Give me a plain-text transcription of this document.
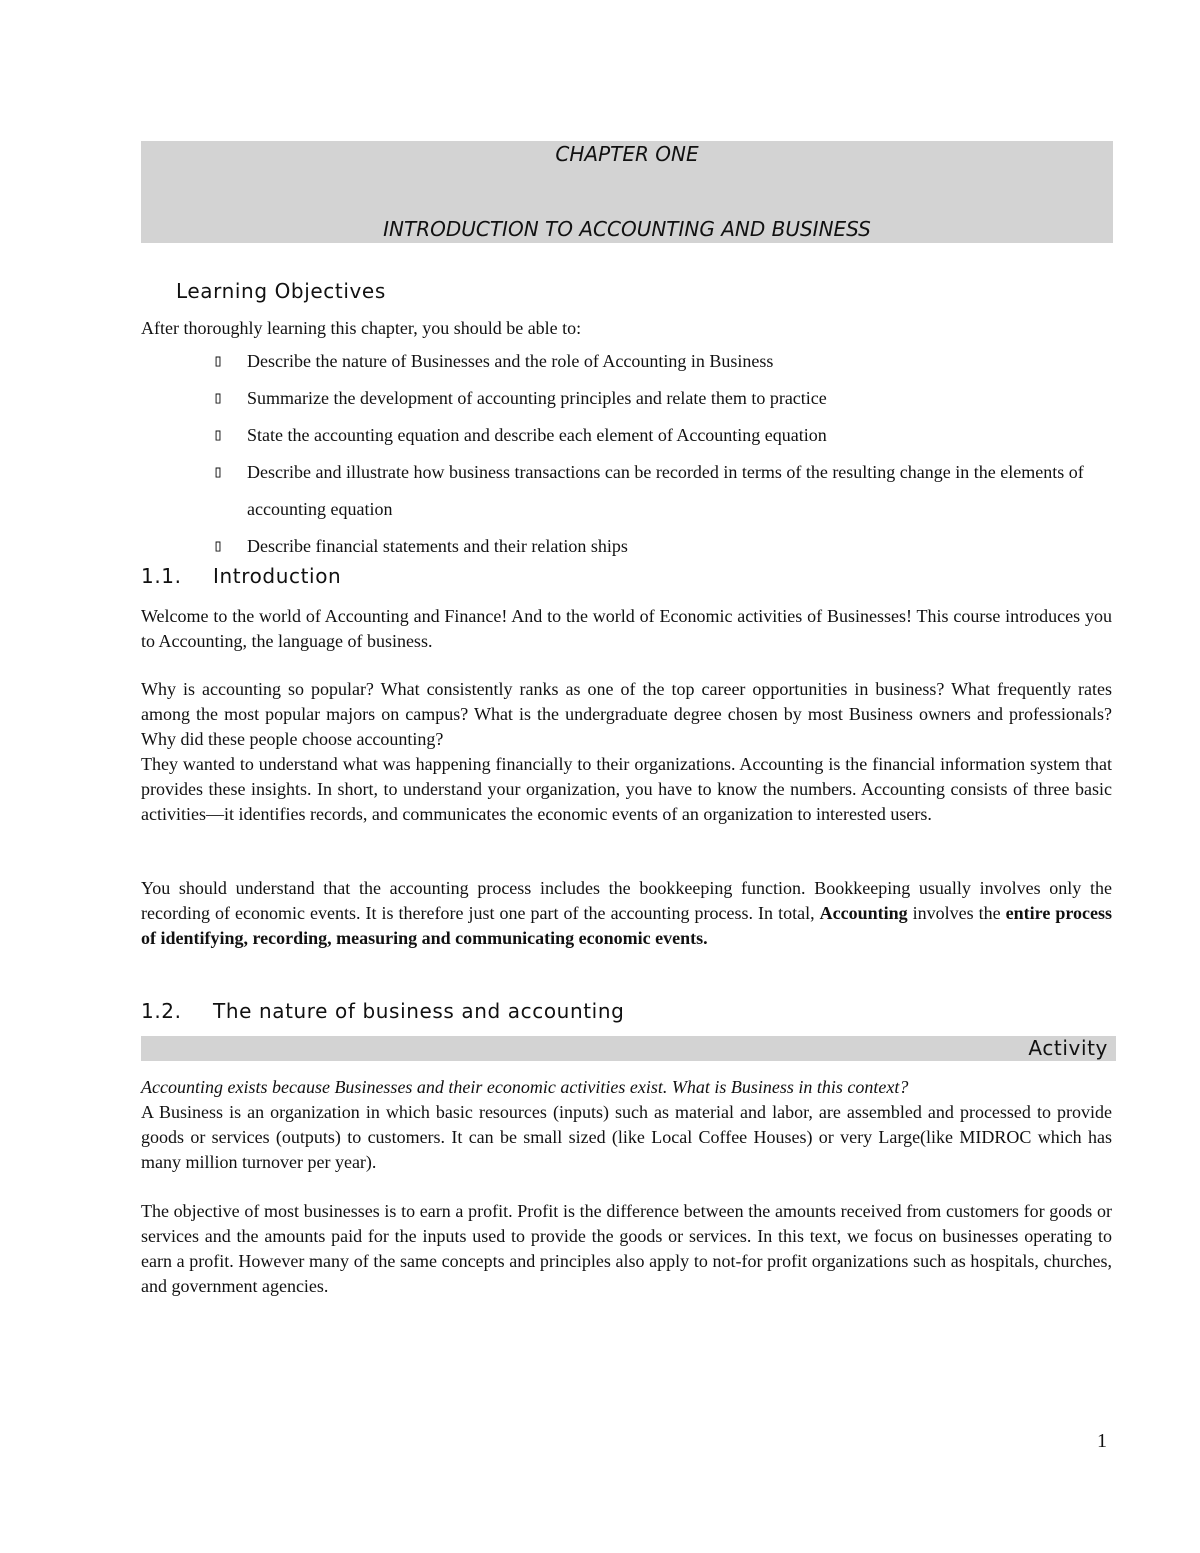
CHAPTER ONE
INTRODUCTION TO ACCOUNTING AND BUSINESS
Learning Objectives
After thoroughly learning this chapter, you should be able to:
▯ Describe the nature of Businesses and the role of Accounting in Business
▯ Summarize the development of accounting principles and relate them to practice
▯ State the accounting equation and describe each element of Accounting equation
▯ Describe and illustrate how business transactions can be recorded in terms of the resulting change in the elements of accounting equation
▯ Describe financial statements and their relation ships
1.1. Introduction
Welcome to the world of Accounting and Finance! And to the world of Economic activities of Businesses! This course introduces you to Accounting, the language of business.
Why is accounting so popular? What consistently ranks as one of the top career opportunities in business? What frequently rates among the most popular majors on campus? What is the undergraduate degree chosen by most Business owners and professionals? Why did these people choose accounting?
They wanted to understand what was happening financially to their organizations. Accounting is the financial information system that provides these insights. In short, to understand your organization, you have to know the numbers. Accounting consists of three basic activities—it identifies records, and communicates the economic events of an organization to interested users.
You should understand that the accounting process includes the bookkeeping function. Bookkeeping usually involves only the recording of economic events. It is therefore just one part of the accounting process. In total, Accounting involves the entire process of identifying, recording, measuring and communicating economic events.
1.2. The nature of business and accounting
Activity
Accounting exists because Businesses and their economic activities exist. What is Business in this context?
A Business is an organization in which basic resources (inputs) such as material and labor, are assembled and processed to provide goods or services (outputs) to customers. It can be small sized (like Local Coffee Houses) or very Large(like MIDROC which has many million turnover per year).
The objective of most businesses is to earn a profit. Profit is the difference between the amounts received from customers for goods or services and the amounts paid for the inputs used to provide the goods or services. In this text, we focus on businesses operating to earn a profit. However many of the same concepts and principles also apply to not-for profit organizations such as hospitals, churches, and government agencies.
1
